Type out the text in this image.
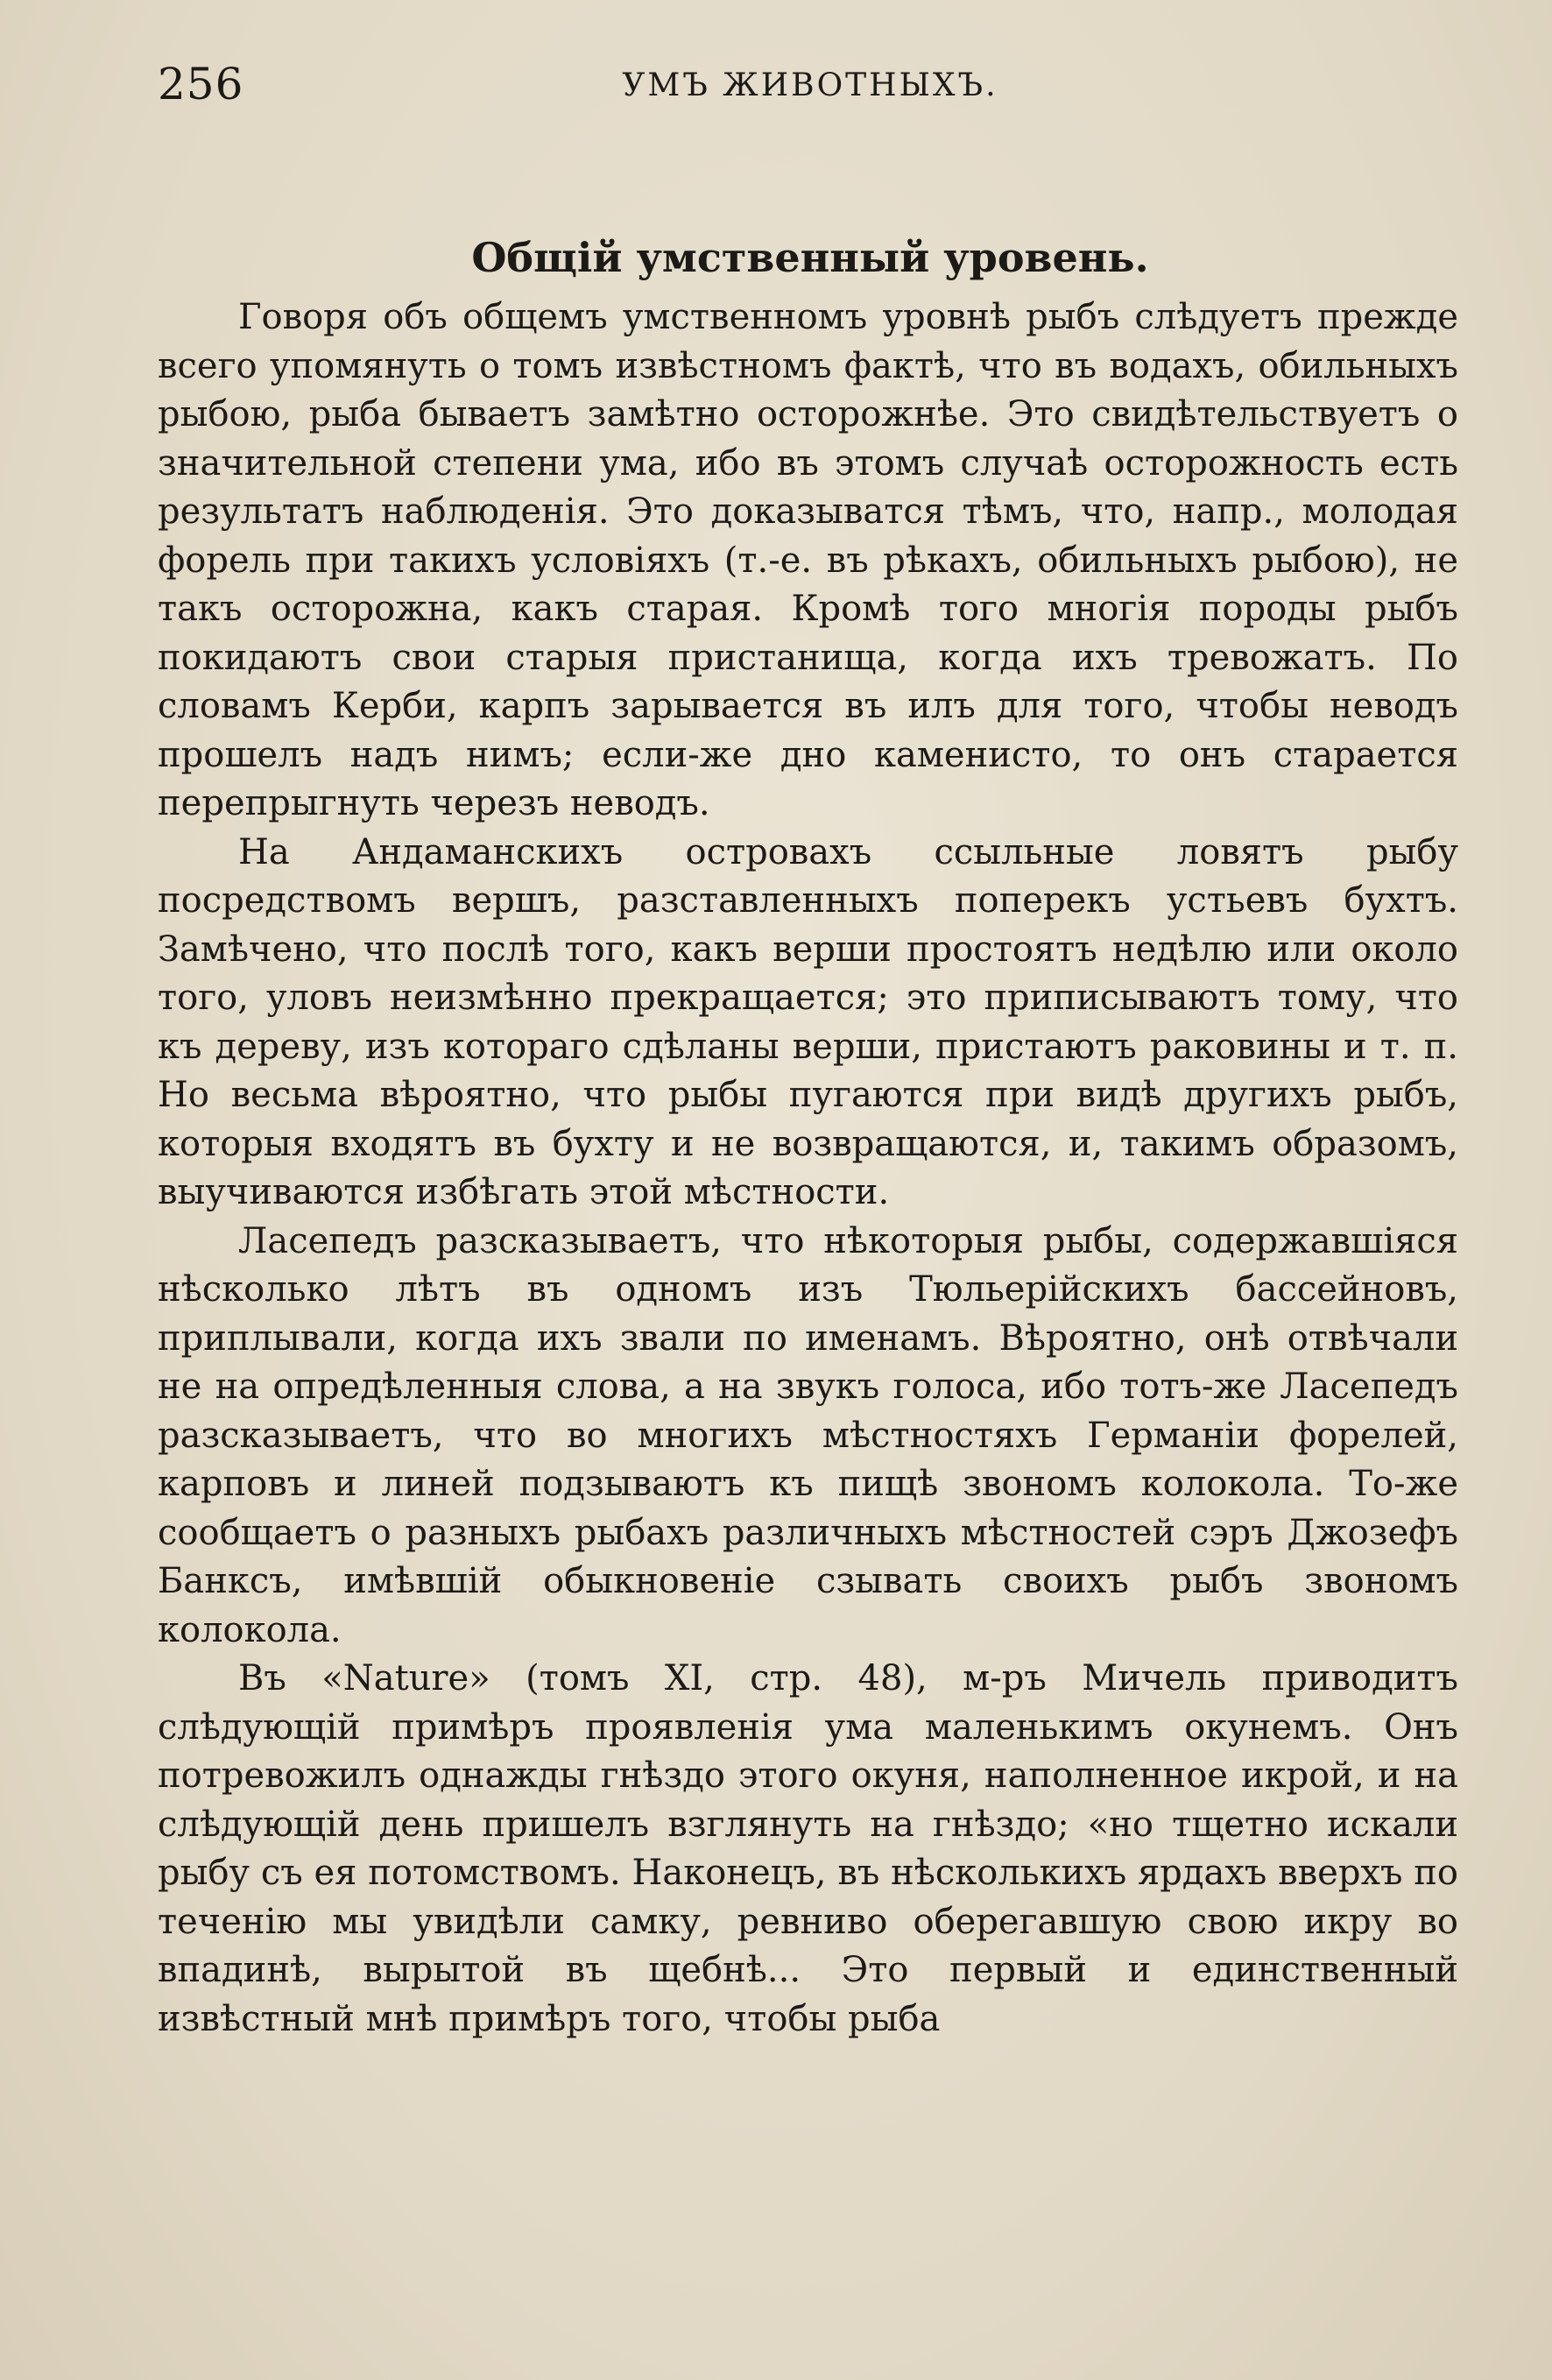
256	УМЪ ЖИВОТНЫХЪ.
Общій умственный уровень.

Говоря объ общемъ умственномъ уровнѣ рыбъ слѣдуетъ прежде всего упомянуть о томъ извѣстномъ фактѣ, что въ водахъ, обильныхъ рыбою, рыба бываетъ замѣтно осторожнѣе. Это свидѣтельствуетъ о значительной степени ума, ибо въ этомъ случаѣ осторожность есть результатъ наблюденія. Это доказыватся тѣмъ, что, напр., молодая форель при такихъ условіяхъ (т.-е. въ рѣкахъ, обильныхъ рыбою), не такъ осторожна, какъ старая. Кромѣ того многія породы рыбъ покидаютъ свои старыя пристанища, когда ихъ тревожатъ. По словамъ Керби, карпъ зарывается въ илъ для того, чтобы неводъ прошелъ надъ нимъ; если-же дно каменисто, то онъ старается перепрыгнуть черезъ неводъ.

На Андаманскихъ островахъ ссыльные ловятъ рыбу посредствомъ вершъ, разставленныхъ поперекъ устьевъ бухтъ. Замѣчено, что послѣ того, какъ верши простоятъ недѣлю или около того, уловъ неизмѣнно прекращается; это приписываютъ тому, что къ дереву, изъ котораго сдѣланы верши, пристаютъ раковины и т. п. Но весьма вѣроятно, что рыбы пугаются при видѣ другихъ рыбъ, которыя входятъ въ бухту и не возвращаются, и, такимъ образомъ, выучиваются избѣгать этой мѣстности.

Ласепедъ разсказываетъ, что нѣкоторыя рыбы, содержавшіяся нѣсколько лѣтъ въ одномъ изъ Тюльерійскихъ бассейновъ, приплывали, когда ихъ звали по именамъ. Вѣроятно, онѣ отвѣчали не на опредѣленныя слова, а на звукъ голоса, ибо тотъ-же Ласепедъ разсказываетъ, что во многихъ мѣстностяхъ Германіи форелей, карповъ и линей подзываютъ къ пищѣ звономъ колокола. То-же сообщаетъ о разныхъ рыбахъ различныхъ мѣстностей сэръ Джозефъ Банксъ, имѣвшій обыкновеніе сзывать своихъ рыбъ звономъ колокола.

Въ «Nature» (томъ XI, стр. 48), м-ръ Мичель приводитъ слѣдующій примѣръ проявленія ума маленькимъ окунемъ. Онъ потревожилъ однажды гнѣздо этого окуня, наполненное икрой, и на слѣдующій день пришелъ взглянуть на гнѣздо; «но тщетно искали рыбу съ ея потомствомъ. Наконецъ, въ нѣсколькихъ ярдахъ вверхъ по теченію мы увидѣли самку, ревниво оберегавшую свою икру во впадинѣ, вырытой въ щебнѣ... Это первый и единственный извѣстный мнѣ примѣръ того, чтобы рыба
